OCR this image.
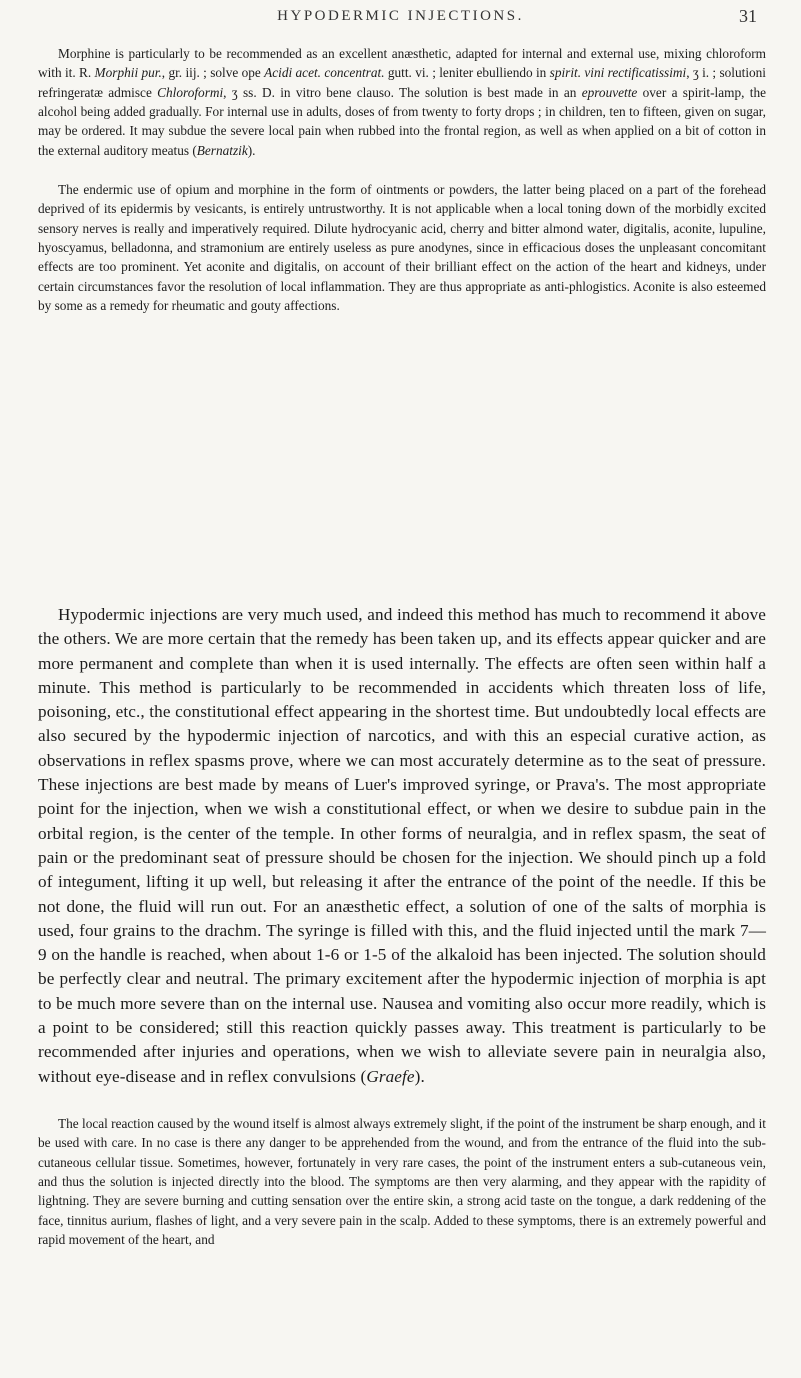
HYPODERMIC INJECTIONS.	31

Morphine is particularly to be recommended as an excellent anæsthetic, adapted for internal and external use, mixing chloroform with it. R. Morphii pur., gr. iij. ; solve ope Acidi acet. concentrat. gutt. vi. ; leniter ebulliendo in spirit. vini rectificatissimi, ʒ i. ; solutioni refringeratæ admisce Chloroformi, ʒ ss. D. in vitro bene clauso. The solution is best made in an eprouvette over a spirit-lamp, the alcohol being added gradually. For internal use in adults, doses of from twenty to forty drops ; in children, ten to fifteen, given on sugar, may be ordered. It may subdue the severe local pain when rubbed into the frontal region, as well as when applied on a bit of cotton in the external auditory meatus (Bernatzik).

The endermic use of opium and morphine in the form of ointments or powders, the latter being placed on a part of the forehead deprived of its epidermis by vesicants, is entirely untrustworthy. It is not applicable when a local toning down of the morbidly excited sensory nerves is really and imperatively required. Dilute hydrocyanic acid, cherry and bitter almond water, digitalis, aconite, lupuline, hyoscyamus, belladonna, and stramonium are entirely useless as pure anodynes, since in efficacious doses the unpleasant concomitant effects are too prominent. Yet aconite and digitalis, on account of their brilliant effect on the action of the heart and kidneys, under certain circumstances favor the resolution of local inflammation. They are thus appropriate as anti-phlogistics. Aconite is also esteemed by some as a remedy for rheumatic and gouty affections.

Hypodermic injections are very much used, and indeed this method has much to recommend it above the others. We are more certain that the remedy has been taken up, and its effects appear quicker and are more permanent and complete than when it is used internally. The effects are often seen within half a minute. This method is particularly to be recommended in accidents which threaten loss of life, poisoning, etc., the constitutional effect appearing in the shortest time. But undoubtedly local effects are also secured by the hypodermic injection of narcotics, and with this an especial curative action, as observations in reflex spasms prove, where we can most accurately determine as to the seat of pressure. These injections are best made by means of Luer's improved syringe, or Prava's. The most appropriate point for the injection, when we wish a constitutional effect, or when we desire to subdue pain in the orbital region, is the center of the temple. In other forms of neuralgia, and in reflex spasm, the seat of pain or the predominant seat of pressure should be chosen for the injection. We should pinch up a fold of integument, lifting it up well, but releasing it after the entrance of the point of the needle. If this be not done, the fluid will run out. For an anæsthetic effect, a solution of one of the salts of morphia is used, four grains to the drachm. The syringe is filled with this, and the fluid injected until the mark 7—9 on the handle is reached, when about 1-6 or 1-5 of the alkaloid has been injected. The solution should be perfectly clear and neutral. The primary excitement after the hypodermic injection of morphia is apt to be much more severe than on the internal use. Nausea and vomiting also occur more readily, which is a point to be considered; still this reaction quickly passes away. This treatment is particularly to be recommended after injuries and operations, when we wish to alleviate severe pain in neuralgia also, without eye-disease and in reflex convulsions (Graefe).

The local reaction caused by the wound itself is almost always extremely slight, if the point of the instrument be sharp enough, and it be used with care. In no case is there any danger to be apprehended from the wound, and from the entrance of the fluid into the sub-cutaneous cellular tissue. Sometimes, however, fortunately in very rare cases, the point of the instrument enters a sub-cutaneous vein, and thus the solution is injected directly into the blood. The symptoms are then very alarming, and they appear with the rapidity of lightning. They are severe burning and cutting sensation over the entire skin, a strong acid taste on the tongue, a dark reddening of the face, tinnitus aurium, flashes of light, and a very severe pain in the scalp. Added to these symptoms, there is an extremely powerful and rapid movement of the heart, and
